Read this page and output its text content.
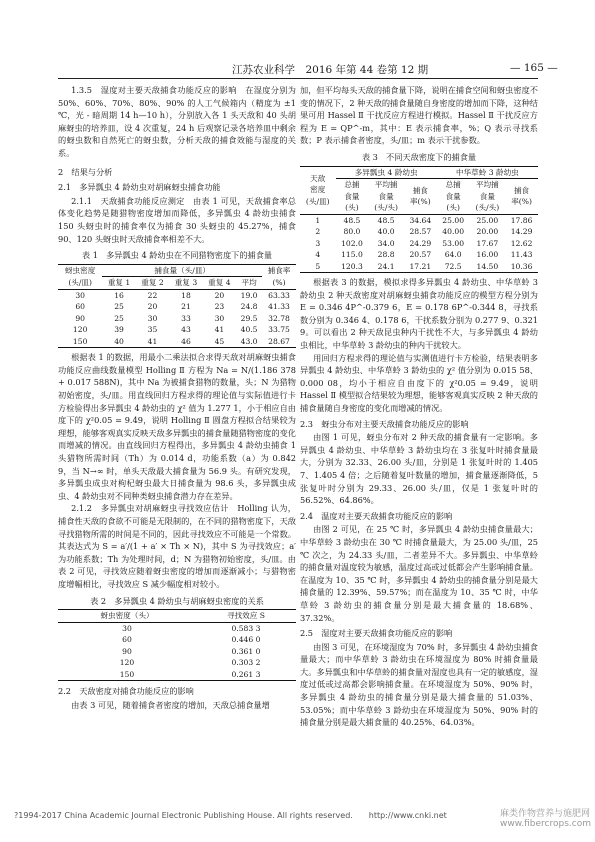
江苏农业科学　2016 年第 44 卷第 12 期	— 165 —

1.3.5　湿度对主要天敌捕食功能反应的影响　在湿度分别为 50%、60%、70%、80%、90% 的人工气候箱内（精度为 ±1 ℃，光 - 暗周期 14 h—10 h），分别放入各 1 头天敌和 40 头胡麻蚜虫的培养皿，设 4 次重复，24 h 后观察记录各培养皿中剩余的蚜虫数和自然死亡的蚜虫数，分析天敌的捕食效能与湿度的关系。

2　结果与分析

2.1　多异瓢虫 4 龄幼虫对胡麻蚜虫捕食功能

2.1.1　天敌捕食功能反应测定　由表 1 可见，天敌捕食率总体变化趋势是随猎物密度增加而降低，多异瓢虫 4 龄幼虫捕食 150 头蚜虫时的捕食率仅为捕食 30 头蚜虫的 45.27%，捕食 90、120 头蚜虫时天敌捕食率相差不大。

表 1　多异瓢虫 4 龄幼虫在不同猎物密度下的捕食量
蚜虫密度
(头/皿)	捕食量（头/皿）					捕食率
(%)
	重复 1	重复 2	重复 3	重复 4	平均	
30	16	22	18	20	19.0	63.33
60	25	20	21	23	24.8	41.33
90	25	30	33	30	29.5	32.78
120	39	35	43	41	40.5	33.75
150	40	41	46	45	43.0	28.67

根据表 1 的数据，用最小二乘法拟合求得天敌对胡麻蚜虫捕食功能反应曲线数量模型 Holling Ⅱ 方程为 Na = N/(1.186 378 + 0.017 588N)，其中 Na 为被捕食猎物的数量，头；N 为猎物初始密度，头/皿。用直线回归方程求得的理论值与实际值进行卡方检验得出多异瓢虫 4 龄幼虫的 χ² 值为 1.277 1，小于相应自由度下的 χ²0.05 = 9.49，说明 Holling Ⅱ 圆盘方程拟合结果较为理想，能够客观真实反映天敌多异瓢虫的捕食量随猎物密度的变化而增减的情况。由直线回归方程得出，多异瓢虫 4 龄幼虫捕食 1 头猎物所需时间（Th）为 0.014 d，功能系数（a）为 0.842 9，当 N→∞ 时，单头天敌最大捕食量为 56.9 头。有研究发现，多异瓢虫成虫对枸杞蚜虫最大日捕食量为 98.6 头，多异瓢虫成虫、4 龄幼虫对不同种类蚜虫捕食潜力存在差异。

2.1.2　多异瓢虫对胡麻蚜虫寻找效应估计　Holling 认为，捕食性天敌的食欲不可能是无限制的，在不同的猎物密度下，天敌寻找猎物所需的时间是不同的，因此寻找效应不可能是一个常数。其表达式为 S = a′/(1 + a′ × Th × N)，其中 S 为寻找效应；a′ 为功能系数；Th 为处理时间，d；N 为猎物初始密度，头/皿。由表 2 可见，寻找效应随着蚜虫密度的增加而逐渐减小；与猎物密度增幅相比，寻找效应 S 减少幅度相对较小。

表 2　多异瓢虫 4 龄幼虫与胡麻蚜虫密度的关系
蚜虫密度（头）	寻找效应 S
30	0.583 3
60	0.446 0
90	0.361 0
120	0.303 2
150	0.261 3

2.2　天敌密度对捕食功能反应的影响

由表 3 可见，随着捕食者密度的增加，天敌总捕食量增

加，但平均每头天敌的捕食量下降，说明在捕食空间和蚜虫密度不变的情况下，2 种天敌的捕食量随自身密度的增加而下降，这种结果可用 Hassel Ⅱ 干扰反应方程进行模拟。Hassel Ⅱ 干扰反应方程为 E = QP^-m，其中：E 表示捕食率，%；Q 表示寻找系数；P 表示捕食者密度，头/皿；m 表示干扰参数。

表 3　不同天敌密度下的捕食量
天敌
密度
(头/皿)	多异瓢虫 4 龄幼虫			中华草蛉 3 龄幼虫		
	总捕
食量
(头)	平均捕
食量
(头/头)	捕食
率(%)	总捕
食量
(头)	平均捕
食量
(头/头)	捕食
率(%)
1	48.5	48.5	34.64	25.00	25.00	17.86
2	80.0	40.0	28.57	40.00	20.00	14.29
3	102.0	34.0	24.29	53.00	17.67	12.62
4	115.0	28.8	20.57	64.0	16.00	11.43
5	120.3	24.1	17.21	72.5	14.50	10.36

根据表 3 的数据，模拟求得多异瓢虫 4 龄幼虫、中华草蛉 3 龄幼虫 2 种天敌密度对胡麻蚜虫捕食功能反应的模型方程分别为 E = 0.346 4P^-0.379 6，E = 0.178 6P^-0.344 8，寻找系数分别为 0.346 4、0.178 6，干扰系数分别为 0.277 9、0.321 9。可以看出 2 种天敌昆虫种内干扰性不大，与多异瓢虫 4 龄幼虫相比，中华草蛉 3 龄幼虫的种内干扰较大。

用回归方程求得的理论值与实测值进行卡方检验，结果表明多异瓢虫 4 龄幼虫、中华草蛉 3 龄幼虫的 χ² 值分别为 0.015 58、0.000 08，均小于相应自由度下的 χ²0.05 = 9.49，说明 Hassel Ⅱ 模型拟合结果较为理想，能够客观真实反映 2 种天敌的捕食量随自身密度的变化而增减的情况。

2.3　蚜虫分布对主要天敌捕食功能反应的影响

由图 1 可见，蚜虫分布对 2 种天敌的捕食量有一定影响。多异瓢虫 4 龄幼虫、中华草蛉 3 龄幼虫均在 3 张复叶时捕食量最大，分别为 32.33、26.00 头/皿，分别是 1 张复叶时的 1.405 7、1.405 4 倍；之后随着复叶数量的增加，捕食量逐渐降低，5 张复叶时分别为 29.33、26.00 头/皿，仅是 1 张复叶时的 56.52%、64.86%。

2.4　温度对主要天敌捕食功能反应的影响

由图 2 可见，在 25 ℃ 时，多异瓢虫 4 龄幼虫捕食量最大；中华草蛉 3 龄幼虫在 30 ℃ 时捕食量最大，为 25.00 头/皿，25 ℃ 次之，为 24.33 头/皿，二者差异不大。多异瓢虫、中华草蛉的捕食量对温度较为敏感，温度过高或过低都会产生影响捕食量。在温度为 10、35 ℃ 时，多异瓢虫 4 龄幼虫的捕食量分别是最大捕食量的 12.39%、59.57%；而在温度为 10、35 ℃ 时，中华草蛉 3 龄幼虫的捕食量分别是最大捕食量的 18.68%、37.32%。

2.5　湿度对主要天敌捕食功能反应的影响

由图 3 可见，在环境湿度为 70% 时，多异瓢虫 4 龄幼虫捕食量最大；而中华草蛉 3 龄幼虫在环境湿度为 80% 时捕食量最大。多异瓢虫和中华草蛉的捕食量对湿度也具有一定的敏感度，湿度过低或过高都会影响捕食量。在环境湿度为 50%、90% 时，多异瓢虫 4 龄幼虫的捕食量分别是最大捕食量的 51.03%、53.05%；而中华草蛉 3 龄幼虫在环境湿度为 50%、90% 时的捕食量分别是最大捕食量的 40.25%、64.03%。

?1994-2017 China Academic Journal Electronic Publishing House. All rights reserved.　　http://www.cnki.net	麻类作物营养与施肥网 www.fibercrops.com
